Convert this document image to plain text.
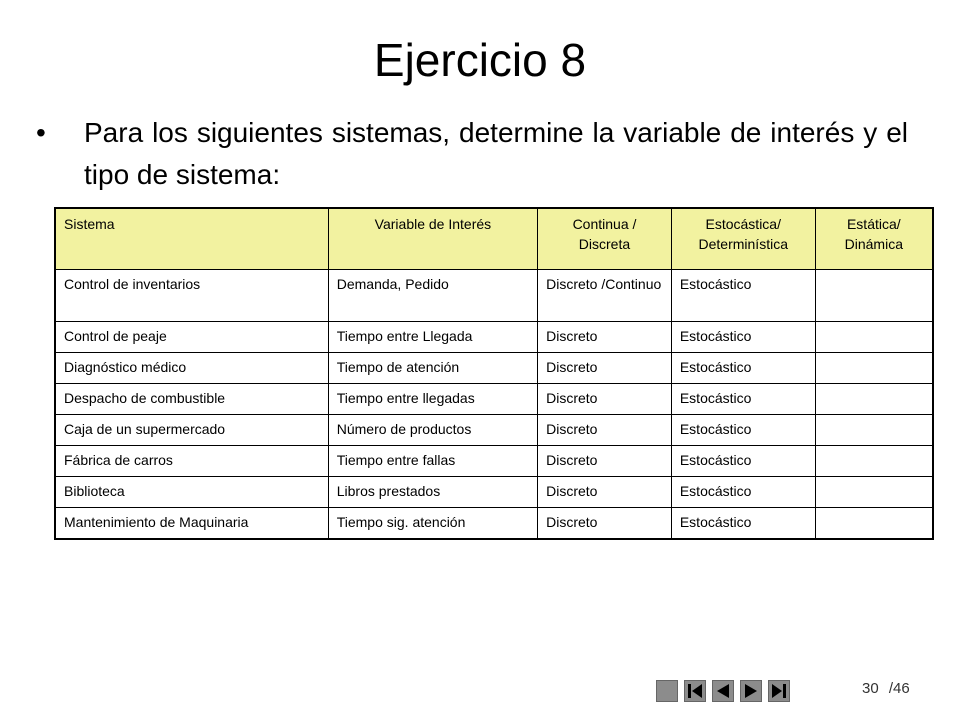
Ejercicio 8
•	Para los siguientes sistemas, determine la variable de interés y el tipo de sistema:
Sistema	Variable de Interés	Continua / Discreta	Estocástica/ Determinística	Estática/ Dinámica
Control de inventarios	Demanda, Pedido	Discreto /Continuo	Estocástico	
Control de peaje	Tiempo entre Llegada	Discreto	Estocástico	
Diagnóstico médico	Tiempo de atención	Discreto	Estocástico	
Despacho de combustible	Tiempo entre llegadas	Discreto	Estocástico	
Caja de un supermercado	Número de productos	Discreto	Estocástico	
Fábrica de carros	Tiempo entre fallas	Discreto	Estocástico	
Biblioteca	Libros prestados	Discreto	Estocástico	
Mantenimiento de Maquinaria	Tiempo sig. atención	Discreto	Estocástico	
30 /46
